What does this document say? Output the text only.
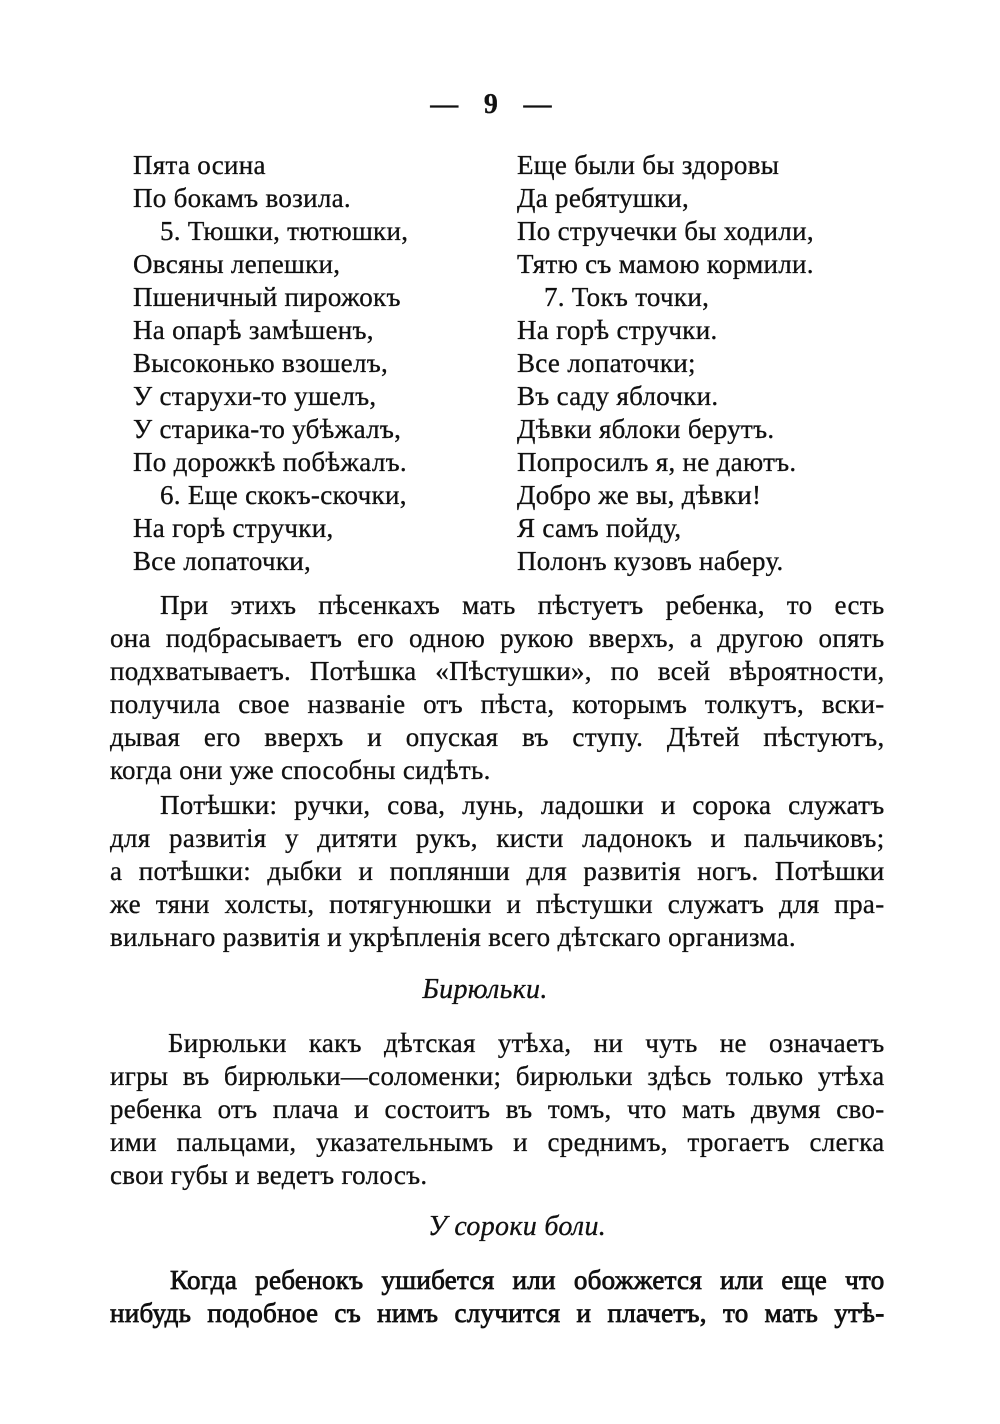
— 9 —
Пята осина
По бокамъ возила.
5. Тюшки, тютюшки,
Овсяны лепешки,
Пшеничный пирожокъ
На опарѣ замѣшенъ,
Высоконько взошелъ,
У старухи-то ушелъ,
У старика-то убѣжалъ,
По дорожкѣ побѣжалъ.
6. Еще скокъ-скочки,
На горѣ стручки,
Все лопаточки,
Еще были бы здоровы
Да ребятушки,
По стручечки бы ходили,
Тятю съ мамою кормили.
7. Токъ точки,
На горѣ стручки.
Все лопаточки;
Въ саду яблочки.
Дѣвки яблоки берутъ.
Попросилъ я, не даютъ.
Добро же вы, дѣвки!
Я самъ пойду,
Полонъ кузовъ наберу.
При этихъ пѣсенкахъ мать пѣстуетъ ребенка, то есть
она подбрасываетъ его одною рукою вверхъ, а другою опять
подхватываетъ. Потѣшка «Пѣстушки», по всей вѣроятности,
получила свое названіе отъ пѣста, которымъ толкутъ, вски-
дывая его вверхъ и опуская въ ступу. Дѣтей пѣстуютъ,
когда они уже способны сидѣть.
Потѣшки: ручки, сова, лунь, ладошки и сорока служатъ
для развитія у дитяти рукъ, кисти ладонокъ и пальчиковъ;
а потѣшки: дыбки и поплянши для развитія ногъ. Потѣшки
же тяни холсты, потягунюшки и пѣстушки служатъ для пра-
вильнаго развитія и укрѣпленія всего дѣтскаго организма.
Бирюльки.
Бирюльки какъ дѣтская утѣха, ни чуть не означаетъ
игры въ бирюльки—соломенки; бирюльки здѣсь только утѣха
ребенка отъ плача и состоитъ въ томъ, что мать двумя сво-
ими пальцами, указательнымъ и среднимъ, трогаетъ слегка
свои губы и ведетъ голосъ.
У сороки боли.
Когда ребенокъ ушибется или обожжется или еще что
нибудь подобное съ нимъ случится и плачетъ, то мать утѣ-
